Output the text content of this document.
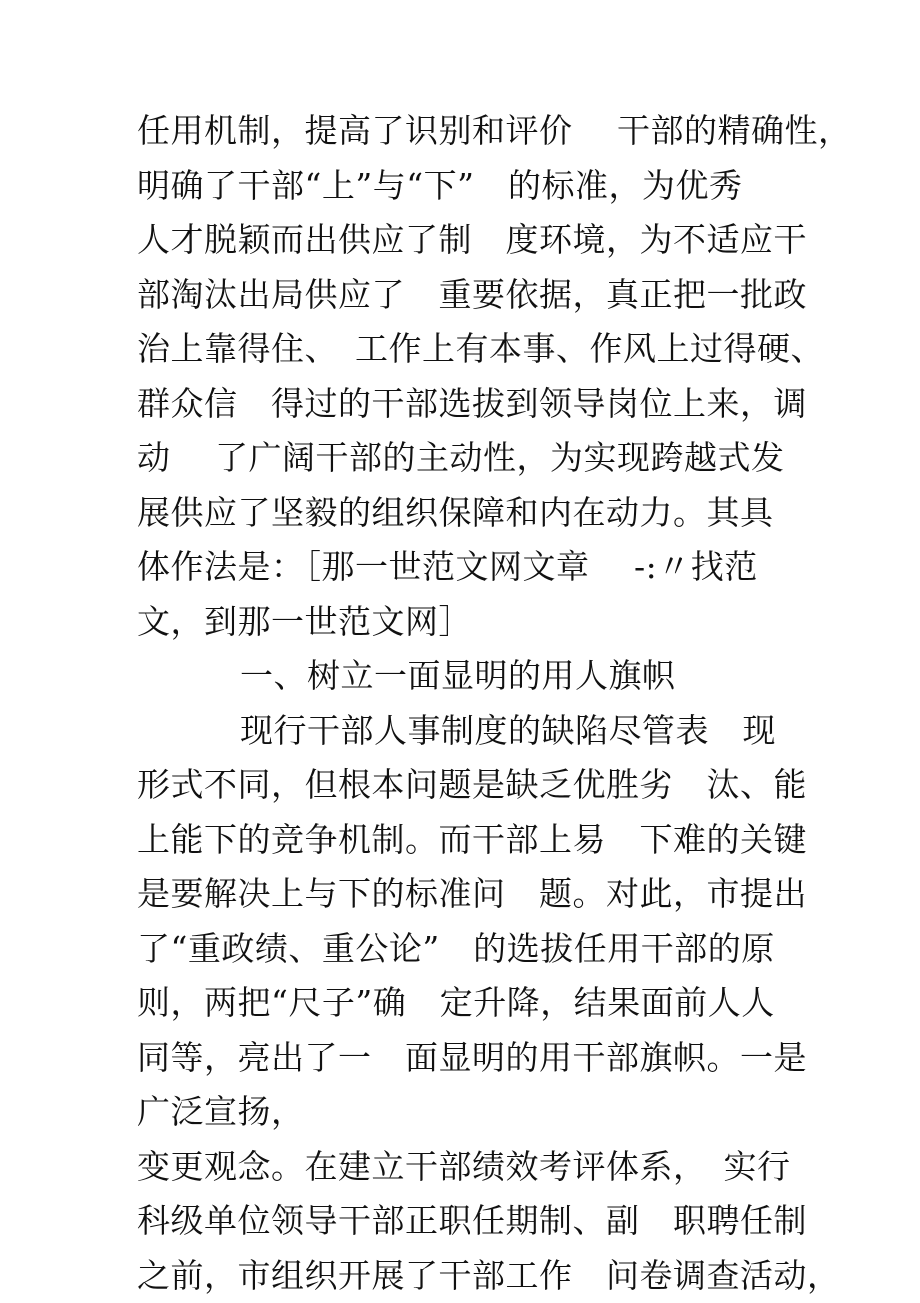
任用机制，提高了识别和评价　 干部的精确性，
明确了干部“上”与“下”　的标准，为优秀
人才脱颖而出供应了制　度环境，为不适应干
部淘汰出局供应了　重要依据，真正把一批政
治上靠得住、　工作上有本事、作风上过得硬、
群众信　得过的干部选拔到领导岗位上来，调
动　 了广阔干部的主动性，为实现跨越式发
展供应了坚毅的组织保障和内在动力。其具
体作法是：［那一世范文网文章　 -:〃找范
文，到那一世范文网］
一、树立一面显明的用人旗帜
现行干部人事制度的缺陷尽管表　现
形式不同，但根本问题是缺乏优胜劣　汰、能
上能下的竞争机制。而干部上易　下难的关键
是要解决上与下的标准问　题。对此，市提出
了“重政绩、重公论”　的选拔任用干部的原
则，两把“尺子”确　定升降，结果面前人人
同等，亮出了一　面显明的用干部旗帜。一是
广泛宣扬，
变更观念。在建立干部绩效考评体系，　实行
科级单位领导干部正职任期制、副　职聘任制
之前，市组织开展了干部工作　问卷调查活动，
